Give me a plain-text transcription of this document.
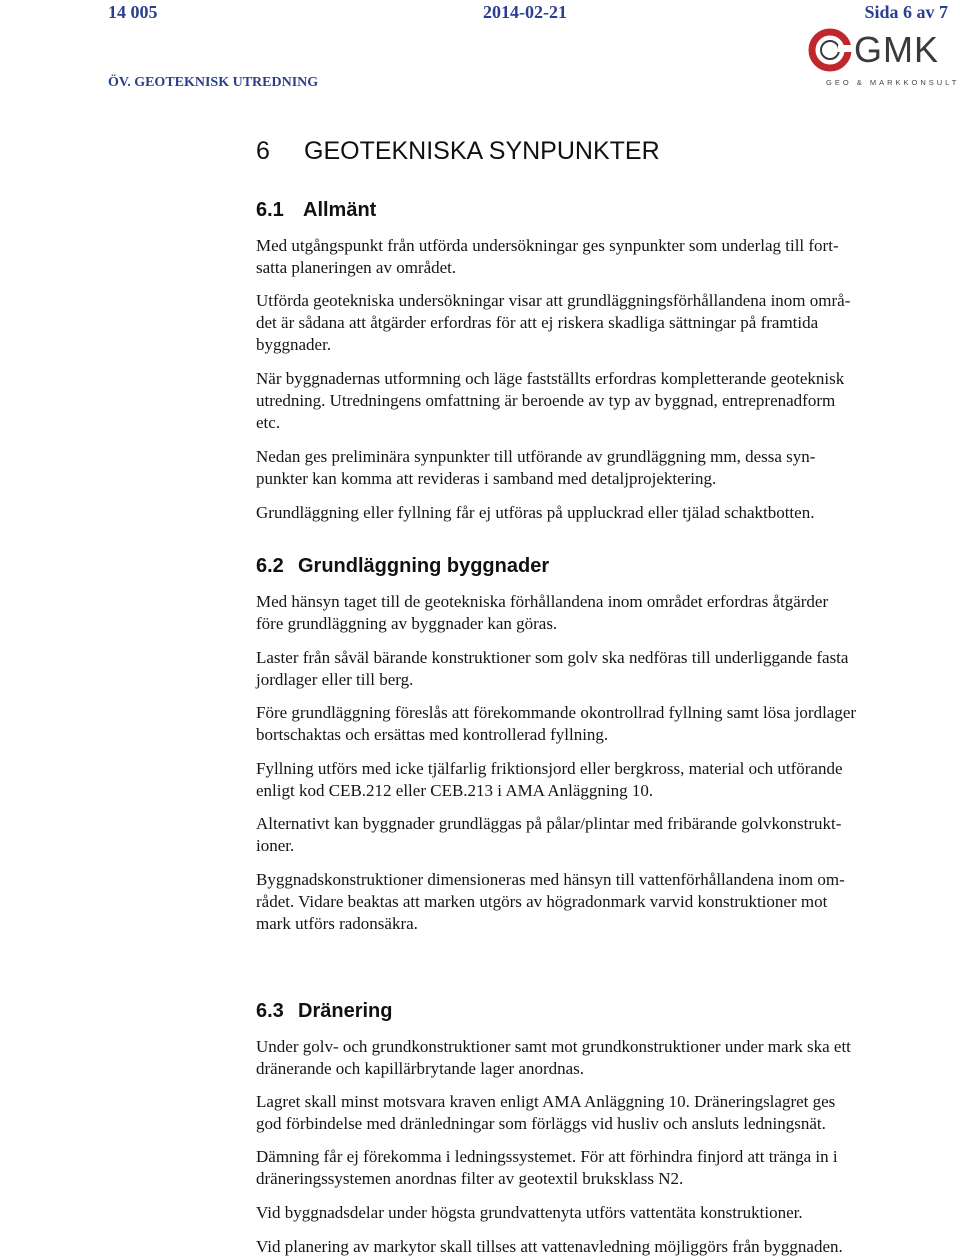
14 005	2014-02-21	Sida 6 av 7
ÖV. GEOTEKNISK UTREDNING
GMK
GEO & MARKKONSULT
6 GEOTEKNISKA SYNPUNKTER
6.1 Allmänt

Med utgångspunkt från utförda undersökningar ges synpunkter som underlag till fort-
satta planeringen av området.

Utförda geotekniska undersökningar visar att grundläggningsförhållandena inom områ-
det är sådana att åtgärder erfordras för att ej riskera skadliga sättningar på framtida
byggnader.

När byggnadernas utformning och läge fastställts erfordras kompletterande geoteknisk
utredning. Utredningens omfattning är beroende av typ av byggnad, entreprenadform
etc.

Nedan ges preliminära synpunkter till utförande av grundläggning mm, dessa syn-
punkter kan komma att revideras i samband med detaljprojektering.

Grundläggning eller fyllning får ej utföras på uppluckrad eller tjälad schaktbotten.

6.2 Grundläggning byggnader

Med hänsyn taget till de geotekniska förhållandena inom området erfordras åtgärder
före grundläggning av byggnader kan göras.

Laster från såväl bärande konstruktioner som golv ska nedföras till underliggande fasta
jordlager eller till berg.

Före grundläggning föreslås att förekommande okontrollrad fyllning samt lösa jordlager
bortschaktas och ersättas med kontrollerad fyllning.

Fyllning utförs med icke tjälfarlig friktionsjord eller bergkross, material och utförande
enligt kod CEB.212 eller CEB.213 i AMA Anläggning 10.

Alternativt kan byggnader grundläggas på pålar/plintar med fribärande golvkonstrukt-
ioner.

Byggnadskonstruktioner dimensioneras med hänsyn till vattenförhållandena inom om-
rådet. Vidare beaktas att marken utgörs av högradonmark varvid konstruktioner mot
mark utförs radonsäkra.

6.3 Dränering

Under golv- och grundkonstruktioner samt mot grundkonstruktioner under mark ska ett
dränerande och kapillärbrytande lager anordnas.

Lagret skall minst motsvara kraven enligt AMA Anläggning 10. Dräneringslagret ges
god förbindelse med dränledningar som förläggs vid husliv och ansluts ledningsnät.

Dämning får ej förekomma i ledningssystemet. För att förhindra finjord att tränga in i
dräneringssystemen anordnas filter av geotextil bruksklass N2.

Vid byggnadsdelar under högsta grundvattenyta utförs vattentäta konstruktioner.

Vid planering av markytor skall tillses att vattenavledning möjliggörs från byggnaden.
